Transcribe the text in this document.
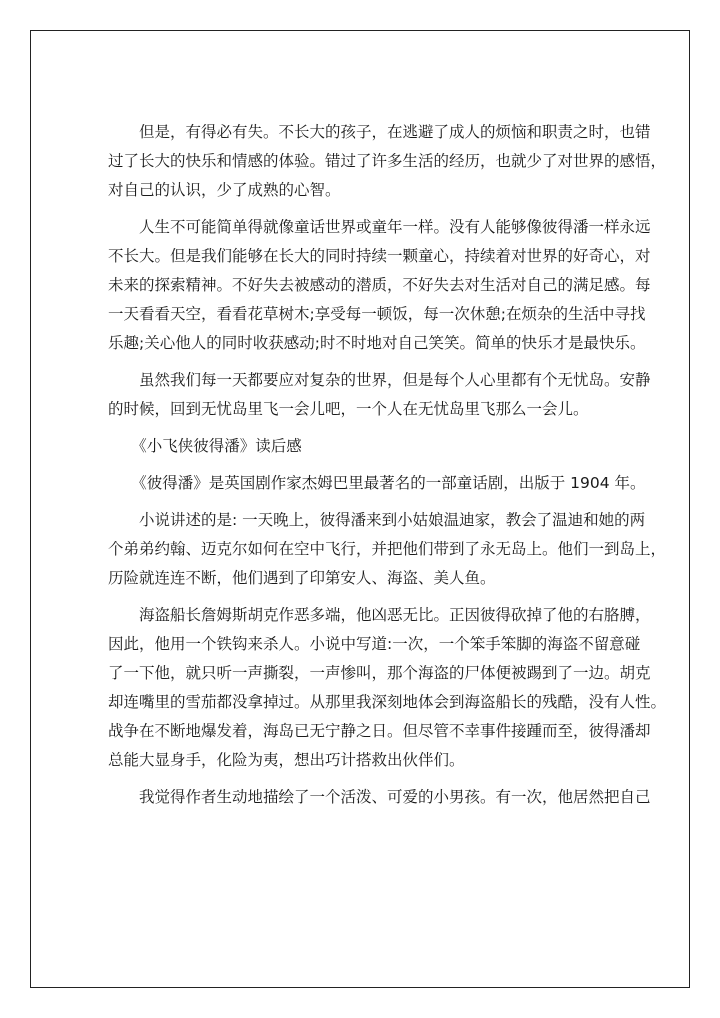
　　但是，有得必有失。不长大的孩子，在逃避了成人的烦恼和职责之时，也错
过了长大的快乐和情感的体验。错过了许多生活的经历，也就少了对世界的感悟，
对自己的认识，少了成熟的心智。
　　人生不可能简单得就像童话世界或童年一样。没有人能够像彼得潘一样永远
不长大。但是我们能够在长大的同时持续一颗童心，持续着对世界的好奇心，对
未来的探索精神。不好失去被感动的潜质，不好失去对生活对自己的满足感。每
一天看看天空，看看花草树木;享受每一顿饭，每一次休憩;在烦杂的生活中寻找
乐趣;关心他人的同时收获感动;时不时地对自己笑笑。简单的快乐才是最快乐。
　　虽然我们每一天都要应对复杂的世界，但是每个人心里都有个无忧岛。安静
的时候，回到无忧岛里飞一会儿吧，一个人在无忧岛里飞那么一会儿。
　　《小飞侠彼得潘》读后感
　　《彼得潘》是英国剧作家杰姆巴里最著名的一部童话剧，出版于 1904 年。
　　小说讲述的是: 一天晚上，彼得潘来到小姑娘温迪家，教会了温迪和她的两
个弟弟约翰、迈克尔如何在空中飞行，并把他们带到了永无岛上。他们一到岛上，
历险就连连不断，他们遇到了印第安人、海盗、美人鱼。
　　海盗船长詹姆斯胡克作恶多端，他凶恶无比。正因彼得砍掉了他的右胳膊，
因此，他用一个铁钩来杀人。小说中写道:一次，一个笨手笨脚的海盗不留意碰
了一下他，就只听一声撕裂，一声惨叫，那个海盗的尸体便被踢到了一边。胡克
却连嘴里的雪茄都没拿掉过。从那里我深刻地体会到海盗船长的残酷，没有人性。
战争在不断地爆发着，海岛已无宁静之日。但尽管不幸事件接踵而至，彼得潘却
总能大显身手，化险为夷，想出巧计搭救出伙伴们。
　　我觉得作者生动地描绘了一个活泼、可爱的小男孩。有一次，他居然把自己
